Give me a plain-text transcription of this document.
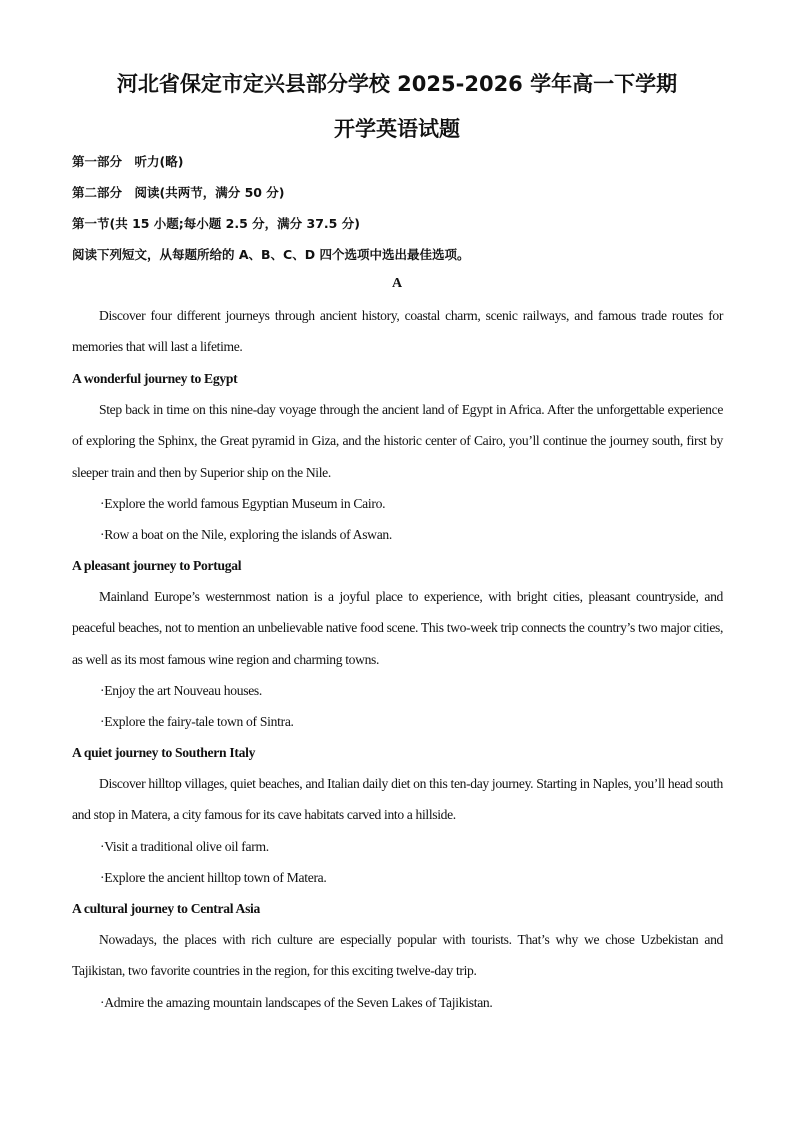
河北省保定市定兴县部分学校 2025-2026 学年高一下学期
开学英语试题
第一部分　听力(略)
第二部分　阅读(共两节，满分 50 分)
第一节(共 15 小题;每小题 2.5 分，满分 37.5 分)
阅读下列短文，从每题所给的 A、B、C、D 四个选项中选出最佳选项。
A
Discover four different journeys through ancient history, coastal charm, scenic railways, and famous trade routes for memories that will last a lifetime.
A wonderful journey to Egypt
Step back in time on this nine-day voyage through the ancient land of Egypt in Africa. After the unforgettable experience of exploring the Sphinx, the Great pyramid in Giza, and the historic center of Cairo, you’ll continue the journey south, first by sleeper train and then by Superior ship on the Nile.
·Explore the world famous Egyptian Museum in Cairo.
·Row a boat on the Nile, exploring the islands of Aswan.
A pleasant journey to Portugal
Mainland Europe’s westernmost nation is a joyful place to experience, with bright cities, pleasant countryside, and peaceful beaches, not to mention an unbelievable native food scene. This two-week trip connects the country’s two major cities, as well as its most famous wine region and charming towns.
·Enjoy the art Nouveau houses.
·Explore the fairy-tale town of Sintra.
A quiet journey to Southern Italy
Discover hilltop villages, quiet beaches, and Italian daily diet on this ten-day journey. Starting in Naples, you’ll head south and stop in Matera, a city famous for its cave habitats carved into a hillside.
·Visit a traditional olive oil farm.
·Explore the ancient hilltop town of Matera.
A cultural journey to Central Asia
Nowadays, the places with rich culture are especially popular with tourists. That’s why we chose Uzbekistan and Tajikistan, two favorite countries in the region, for this exciting twelve-day trip.
·Admire the amazing mountain landscapes of the Seven Lakes of Tajikistan.
